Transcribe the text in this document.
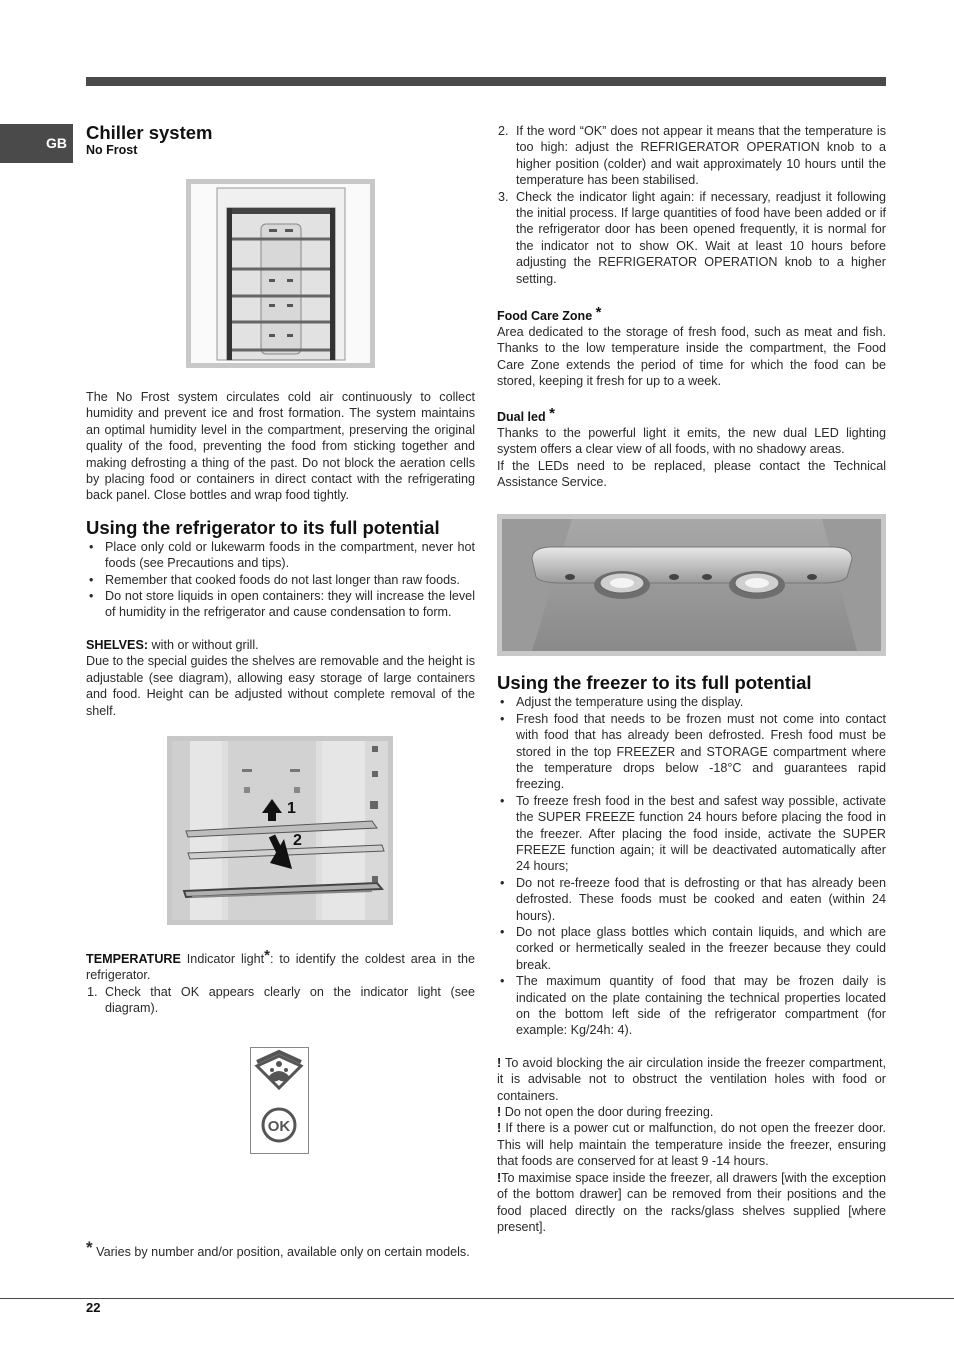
GB	Chiller system
No Frost

The No Frost system circulates cold air continuously to collect humidity and prevent ice and frost formation. The system maintains an optimal humidity level in the compartment, preserving the original quality of the food, preventing the food from sticking together and making defrosting a thing of the past. Do not block the aeration cells by placing food or containers in direct contact with the refrigerating back panel. Close bottles and wrap food tightly.

Using the refrigerator to its full potential
• Place only cold or lukewarm foods in the compartment, never hot foods (see Precautions and tips).
• Remember that cooked foods do not last longer than raw foods.
• Do not store liquids in open containers: they will increase the level of humidity in the refrigerator and cause condensation to form.

SHELVES: with or without grill.

Due to the special guides the shelves are removable and the height is adjustable (see diagram), allowing easy storage of large containers and food. Height can be adjusted without complete removal of the shelf.

1
2

TEMPERATURE Indicator light*: to identify the coldest area in the refrigerator.

1. Check that OK appears clearly on the indicator light (see diagram).
OK

* Varies by number and/or position, available only on certain models.

2. If the word “OK” does not appear it means that the temperature is too high: adjust the REFRIGERATOR OPERATION knob to a higher position (colder) and wait approximately 10 hours until the temperature has been stabilised.
3. Check the indicator light again: if necessary, readjust it following the initial process. If large quantities of food have been added or if the refrigerator door has been opened frequently, it is normal for the indicator not to show OK. Wait at least 10 hours before adjusting the REFRIGERATOR OPERATION knob to a higher setting.
Food Care Zone *

Area dedicated to the storage of fresh food, such as meat and fish. Thanks to the low temperature inside the compartment, the Food Care Zone extends the period of time for which the food can be stored, keeping it fresh for up to a week.

Dual led *

Thanks to the powerful light it emits, the new dual LED lighting system offers a clear view of all foods, with no shadowy areas.

If the LEDs need to be replaced, please contact the Technical Assistance Service.

Using the freezer to its full potential
• Adjust the temperature using the display.
• Fresh food that needs to be frozen must not come into contact with food that has already been defrosted. Fresh food must be stored in the top FREEZER and STORAGE compartment where the temperature drops below -18°C and guarantees rapid freezing.
• To freeze fresh food in the best and safest way possible, activate the SUPER FREEZE function 24 hours before placing the food in the freezer. After placing the food inside, activate the SUPER FREEZE function again; it will be deactivated automatically after 24 hours;
• Do not re-freeze food that is defrosting or that has already been defrosted. These foods must be cooked and eaten (within 24 hours).
• Do not place glass bottles which contain liquids, and which are corked or hermetically sealed in the freezer because they could break.
• The maximum quantity of food that may be frozen daily is indicated on the plate containing the technical properties located on the bottom left side of the refrigerator compartment (for example: Kg/24h: 4).

! To avoid blocking the air circulation inside the freezer compartment, it is advisable not to obstruct the ventilation holes with food or containers.

! Do not open the door during freezing.

! If there is a power cut or malfunction, do not open the freezer door. This will help maintain the temperature inside the freezer, ensuring that foods are conserved for at least 9 -14 hours.

!To maximise space inside the freezer, all drawers [with the exception of the bottom drawer] can be removed from their positions and the food placed directly on the racks/glass shelves supplied [where present].

22
